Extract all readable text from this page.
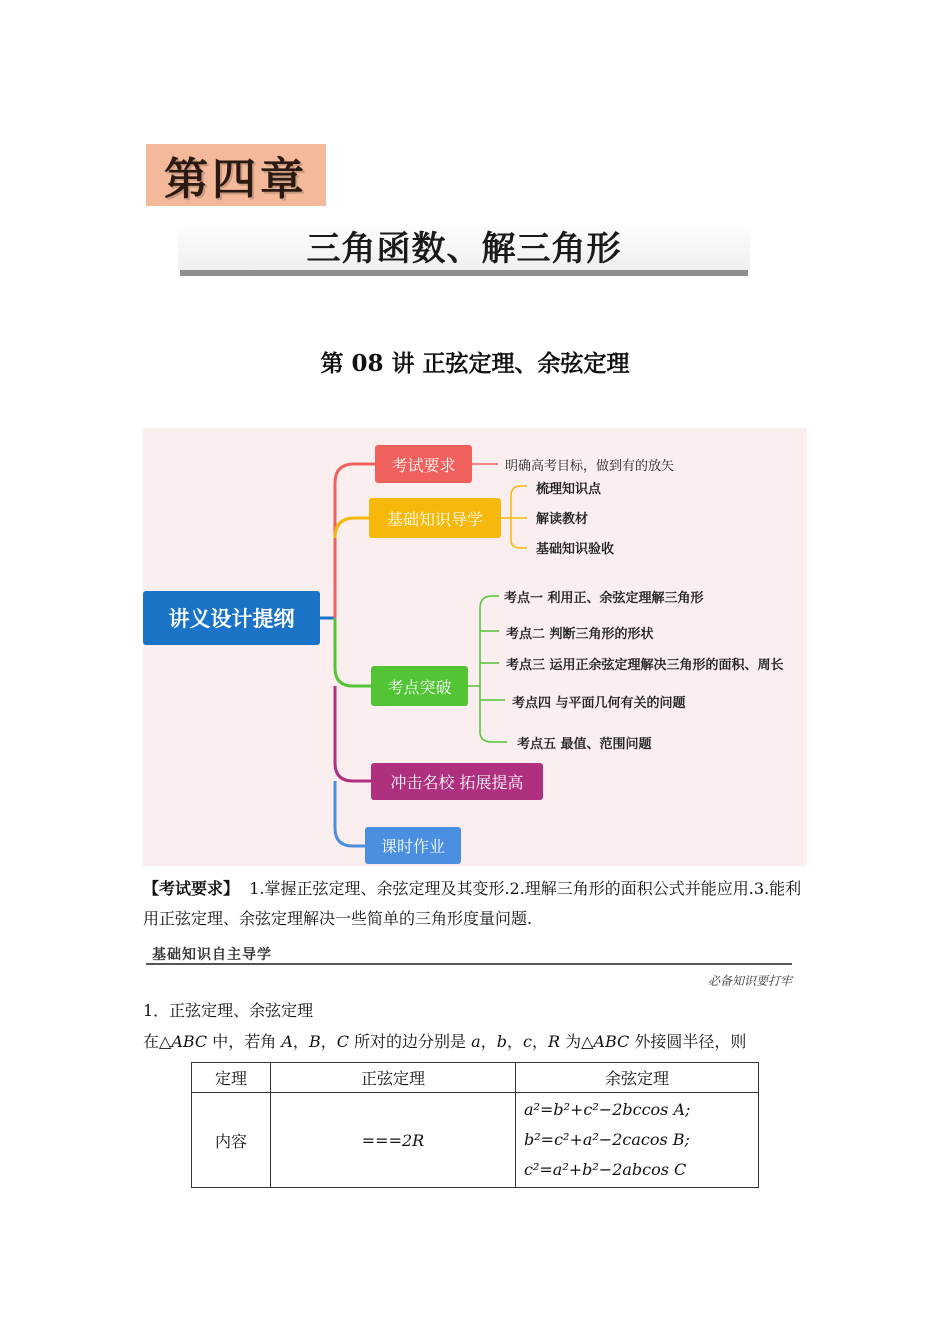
第四章
三角函数、解三角形
第 08 讲 正弦定理、余弦定理
讲义设计提纲
考试要求	明确高考目标，做到有的放矢
基础知识导学
梳理知识点
解读教材
基础知识验收
考点突破
考点一 利用正、余弦定理解三角形
考点二 判断三角形的形状
考点三 运用正余弦定理解决三角形的面积、周长
考点四 与平面几何有关的问题
考点五 最值、范围问题
冲击名校 拓展提高
课时作业
【考试要求】 1.掌握正弦定理、余弦定理及其变形.2.理解三角形的面积公式并能应用.3.能利
用正弦定理、余弦定理解决一些简单的三角形度量问题.
基础知识自主导学
必备知识要打牢
1．正弦定理、余弦定理
在△ABC 中，若角 A，B，C 所对的边分别是 a，b，c，R 为△ABC 外接圆半径，则
定理	正弦定理	余弦定理
内容	===2R	a²=b²+c²−2bccos A;
b²=c²+a²−2cacos B;
c²=a²+b²−2abcos C
